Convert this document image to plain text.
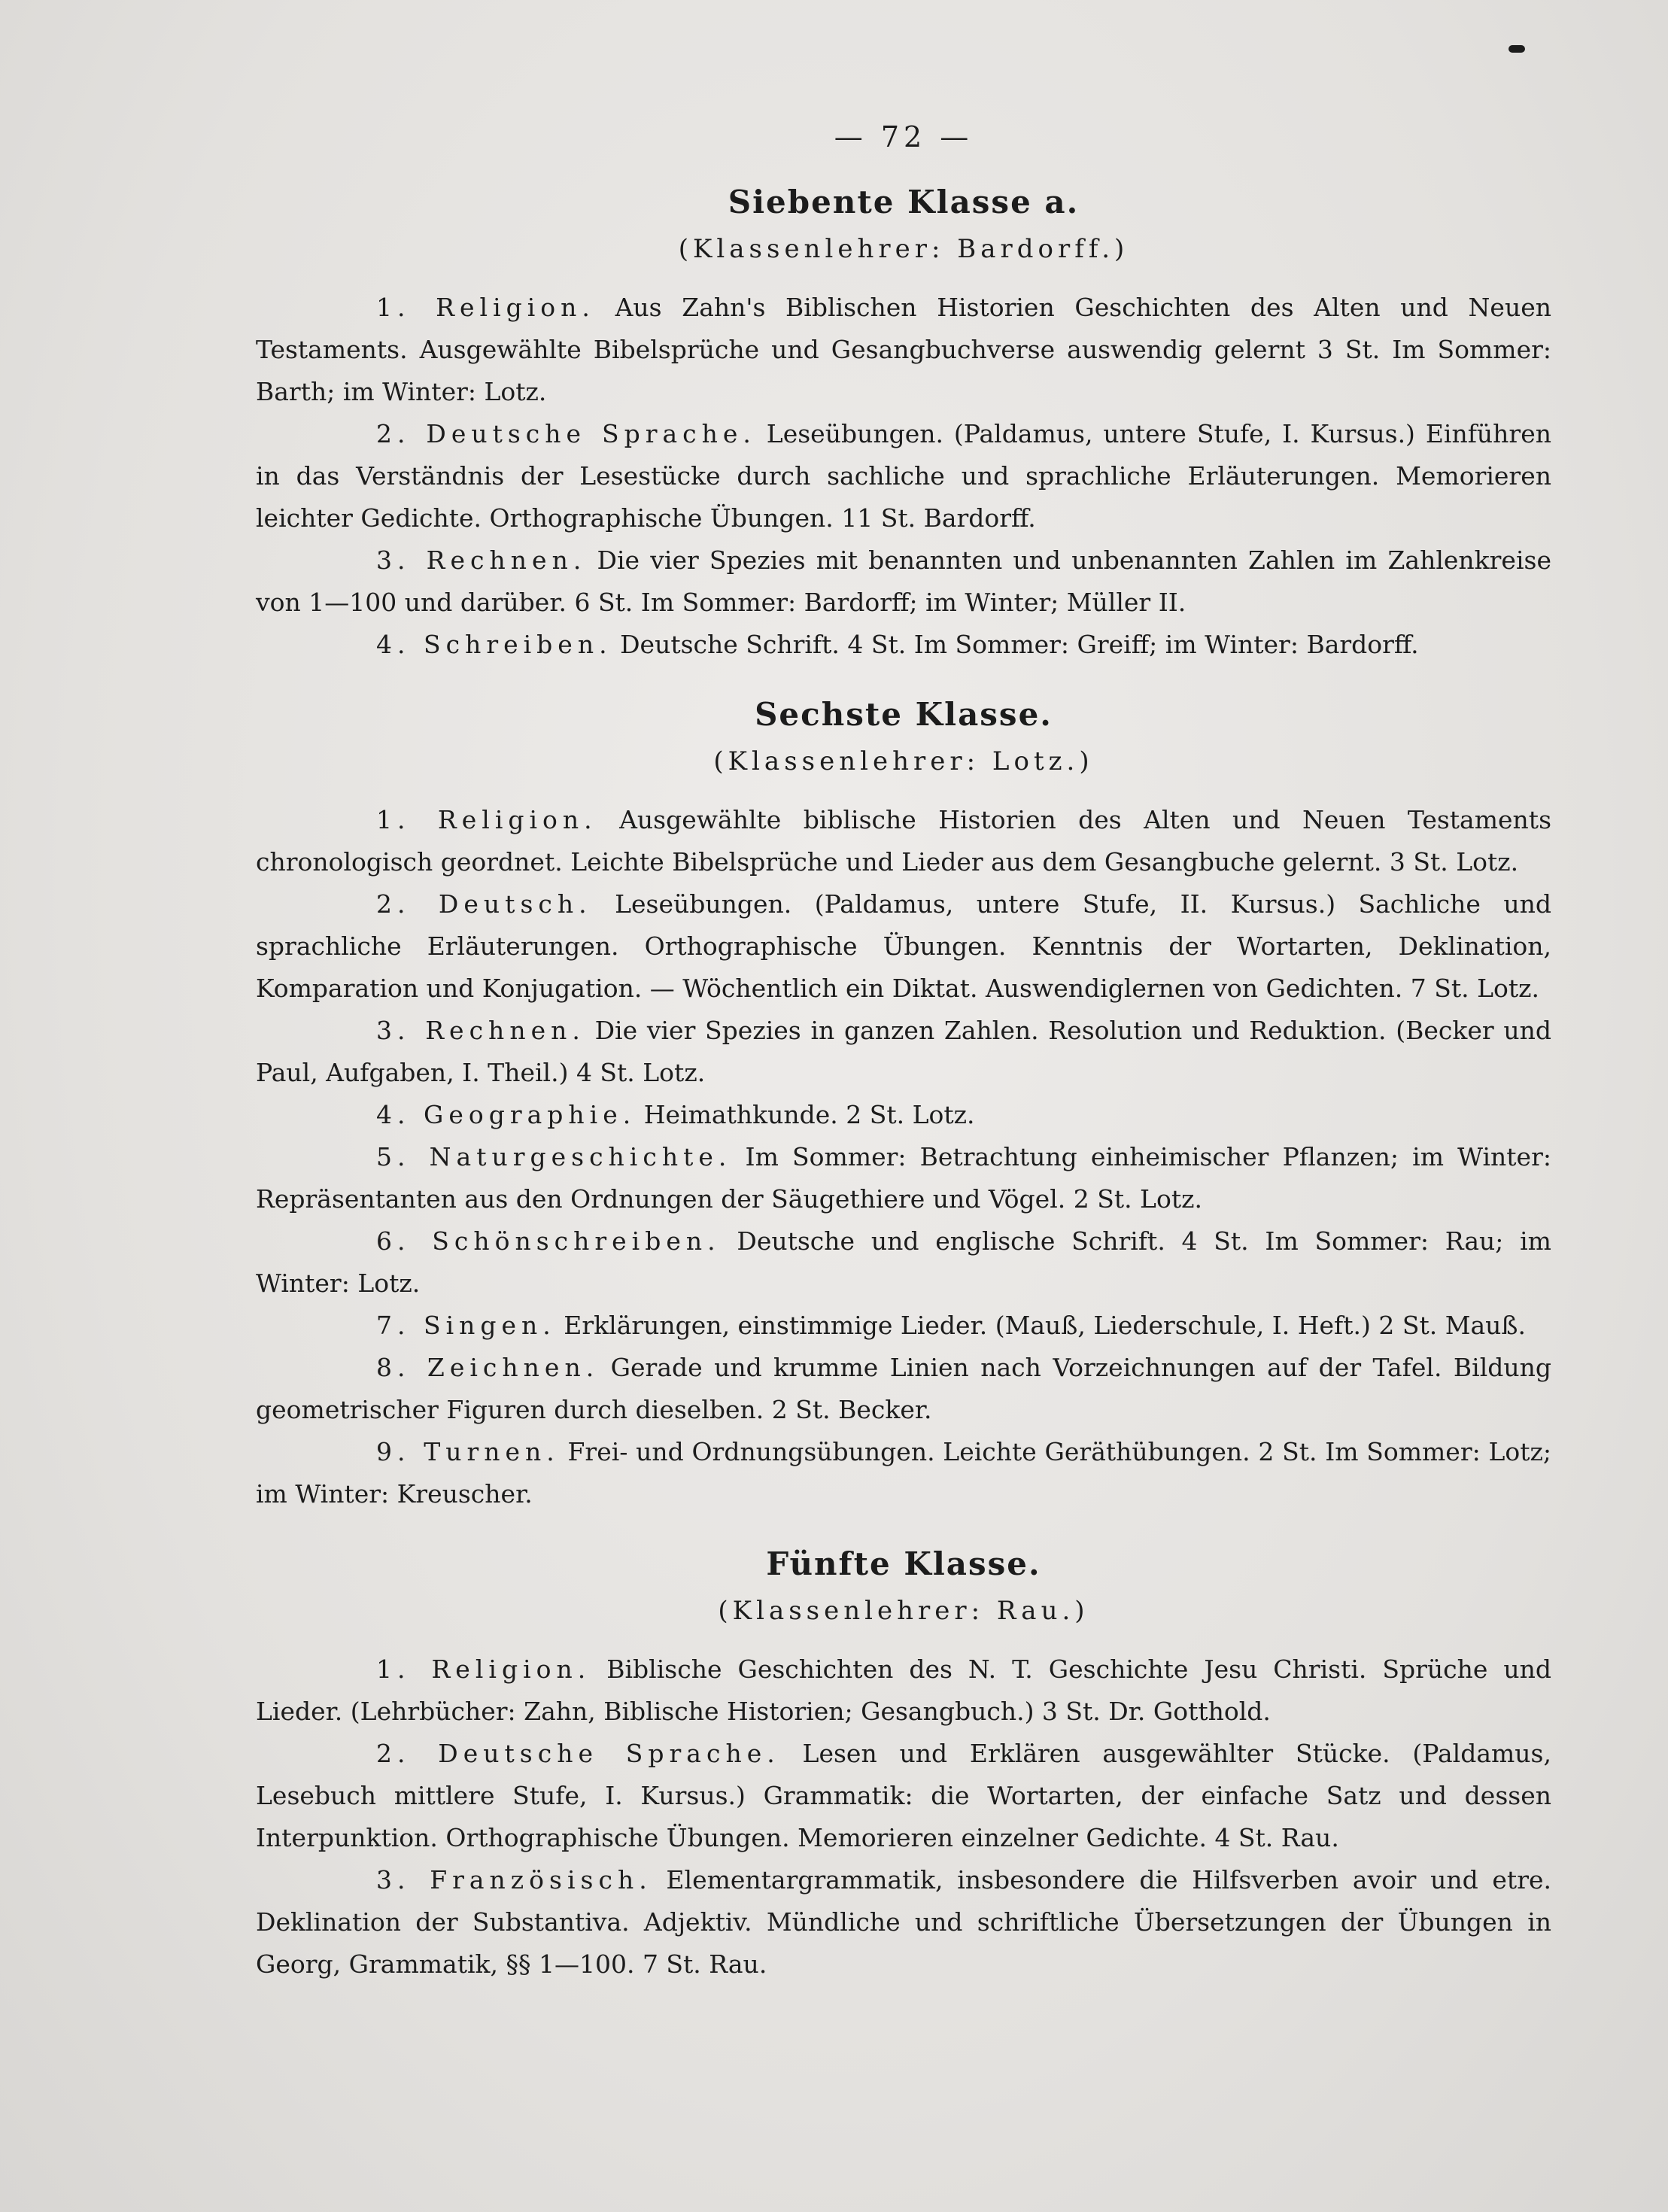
— 72 —
Siebente Klasse a.
(Klassenlehrer: Bardorff.)

1. Religion. Aus Zahn's Biblischen Historien Geschichten des Alten und Neuen Testaments. Ausgewählte Bibelsprüche und Gesangbuchverse auswendig gelernt 3 St. Im Sommer: Barth; im Winter: Lotz.

2. Deutsche Sprache. Leseübungen. (Paldamus, untere Stufe, I. Kursus.) Einführen in das Verständnis der Lesestücke durch sachliche und sprachliche Erläuterungen. Memorieren leichter Gedichte. Orthographische Übungen. 11 St. Bardorff.

3. Rechnen. Die vier Spezies mit benannten und unbenannten Zahlen im Zahlenkreise von 1—100 und darüber. 6 St. Im Sommer: Bardorff; im Winter; Müller II.

4. Schreiben. Deutsche Schrift. 4 St. Im Sommer: Greiff; im Winter: Bardorff.

Sechste Klasse.
(Klassenlehrer: Lotz.)

1. Religion. Ausgewählte biblische Historien des Alten und Neuen Testaments chronologisch geordnet. Leichte Bibelsprüche und Lieder aus dem Gesangbuche gelernt. 3 St. Lotz.

2. Deutsch. Leseübungen. (Paldamus, untere Stufe, II. Kursus.) Sachliche und sprachliche Erläuterungen. Orthographische Übungen. Kenntnis der Wortarten, Deklination, Komparation und Konjugation. — Wöchentlich ein Diktat. Auswendiglernen von Gedichten. 7 St. Lotz.

3. Rechnen. Die vier Spezies in ganzen Zahlen. Resolution und Reduktion. (Becker und Paul, Aufgaben, I. Theil.) 4 St. Lotz.

4. Geographie. Heimathkunde. 2 St. Lotz.

5. Naturgeschichte. Im Sommer: Betrachtung einheimischer Pflanzen; im Winter: Repräsentanten aus den Ordnungen der Säugethiere und Vögel. 2 St. Lotz.

6. Schönschreiben. Deutsche und englische Schrift. 4 St. Im Sommer: Rau; im Winter: Lotz.

7. Singen. Erklärungen, einstimmige Lieder. (Mauß, Liederschule, I. Heft.) 2 St. Mauß.

8. Zeichnen. Gerade und krumme Linien nach Vorzeichnungen auf der Tafel. Bildung geometrischer Figuren durch dieselben. 2 St. Becker.

9. Turnen. Frei- und Ordnungsübungen. Leichte Geräthübungen. 2 St. Im Sommer: Lotz; im Winter: Kreuscher.

Fünfte Klasse.
(Klassenlehrer: Rau.)

1. Religion. Biblische Geschichten des N. T. Geschichte Jesu Christi. Sprüche und Lieder. (Lehrbücher: Zahn, Biblische Historien; Gesangbuch.) 3 St. Dr. Gotthold.

2. Deutsche Sprache. Lesen und Erklären ausgewählter Stücke. (Paldamus, Lesebuch mittlere Stufe, I. Kursus.) Grammatik: die Wortarten, der einfache Satz und dessen Interpunktion. Orthographische Übungen. Memorieren einzelner Gedichte. 4 St. Rau.

3. Französisch. Elementargrammatik, insbesondere die Hilfsverben avoir und etre. Deklination der Substantiva. Adjektiv. Mündliche und schriftliche Übersetzungen der Übungen in Georg, Grammatik, §§ 1—100. 7 St. Rau.
